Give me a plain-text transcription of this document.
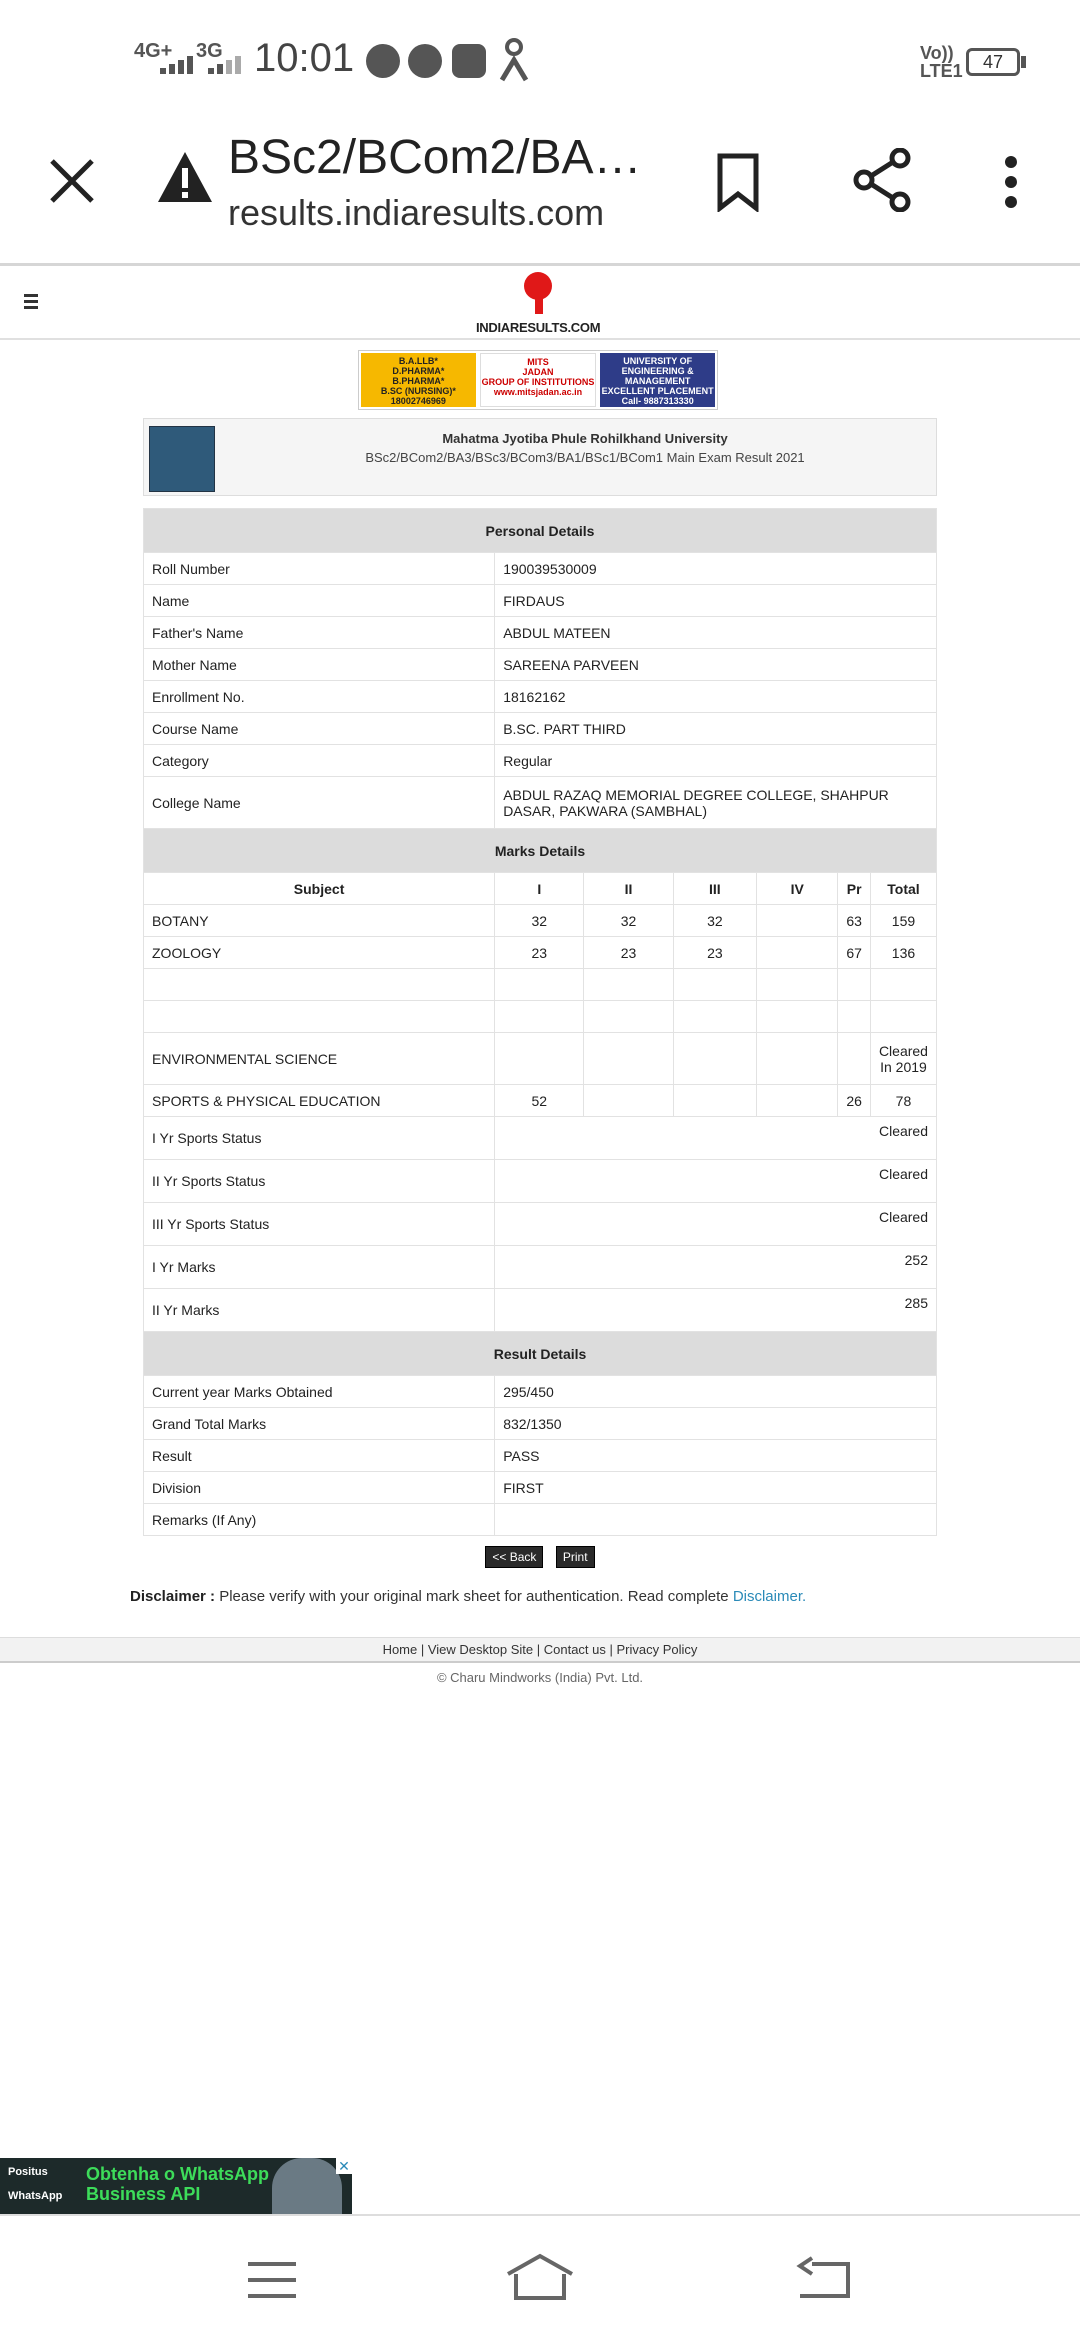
4G+ 3G 10:01	Vo)) LTE1	47
BSc2/BCom2/BA…
results.indiaresults.com
INDIARESULTS.COM
B.A.LLB*
D.PHARMA*
B.PHARMA*
B.SC (NURSING)*
18002746969
MITS
JADAN
GROUP OF INSTITUTIONS
www.mitsjadan.ac.in
UNIVERSITY OF
ENGINEERING &
MANAGEMENT
EXCELLENT PLACEMENT
Call- 9887313330
Mahatma Jyotiba Phule Rohilkhand University
BSc2/BCom2/BA3/BSc3/BCom3/BA1/BSc1/BCom1 Main Exam Result 2021
Personal Details						
Roll Number	190039530009					
Name	FIRDAUS					
Father's Name	ABDUL MATEEN					
Mother Name	SAREENA PARVEEN					
Enrollment No.	18162162					
Course Name	B.SC. PART THIRD					
Category	Regular					
College Name	ABDUL RAZAQ MEMORIAL DEGREE COLLEGE, SHAHPUR DASAR, PAKWARA (SAMBHAL)					
Marks Details						
Subject	I	II	III	IV	Pr	Total
BOTANY	32	32	32		63	159
ZOOLOGY	23	23	23		67	136

ENVIRONMENTAL SCIENCE						Cleared In 2019
SPORTS & PHYSICAL EDUCATION	52				26	78
I Yr Sports Status	Cleared					
II Yr Sports Status	Cleared					
III Yr Sports Status	Cleared					
I Yr Marks	252					
II Yr Marks	285					
Result Details						
Current year Marks Obtained	295/450					
Grand Total Marks	832/1350					
Result	PASS					
Division	FIRST					
Remarks (If Any)						
<< Back Print
Disclaimer : Please verify with your original mark sheet for authentication. Read complete Disclaimer.
Home | View Desktop Site | Contact us | Privacy Policy
© Charu Mindworks (India) Pvt. Ltd.
Positus
WhatsApp
Obtenha o WhatsApp
Business API
✕
